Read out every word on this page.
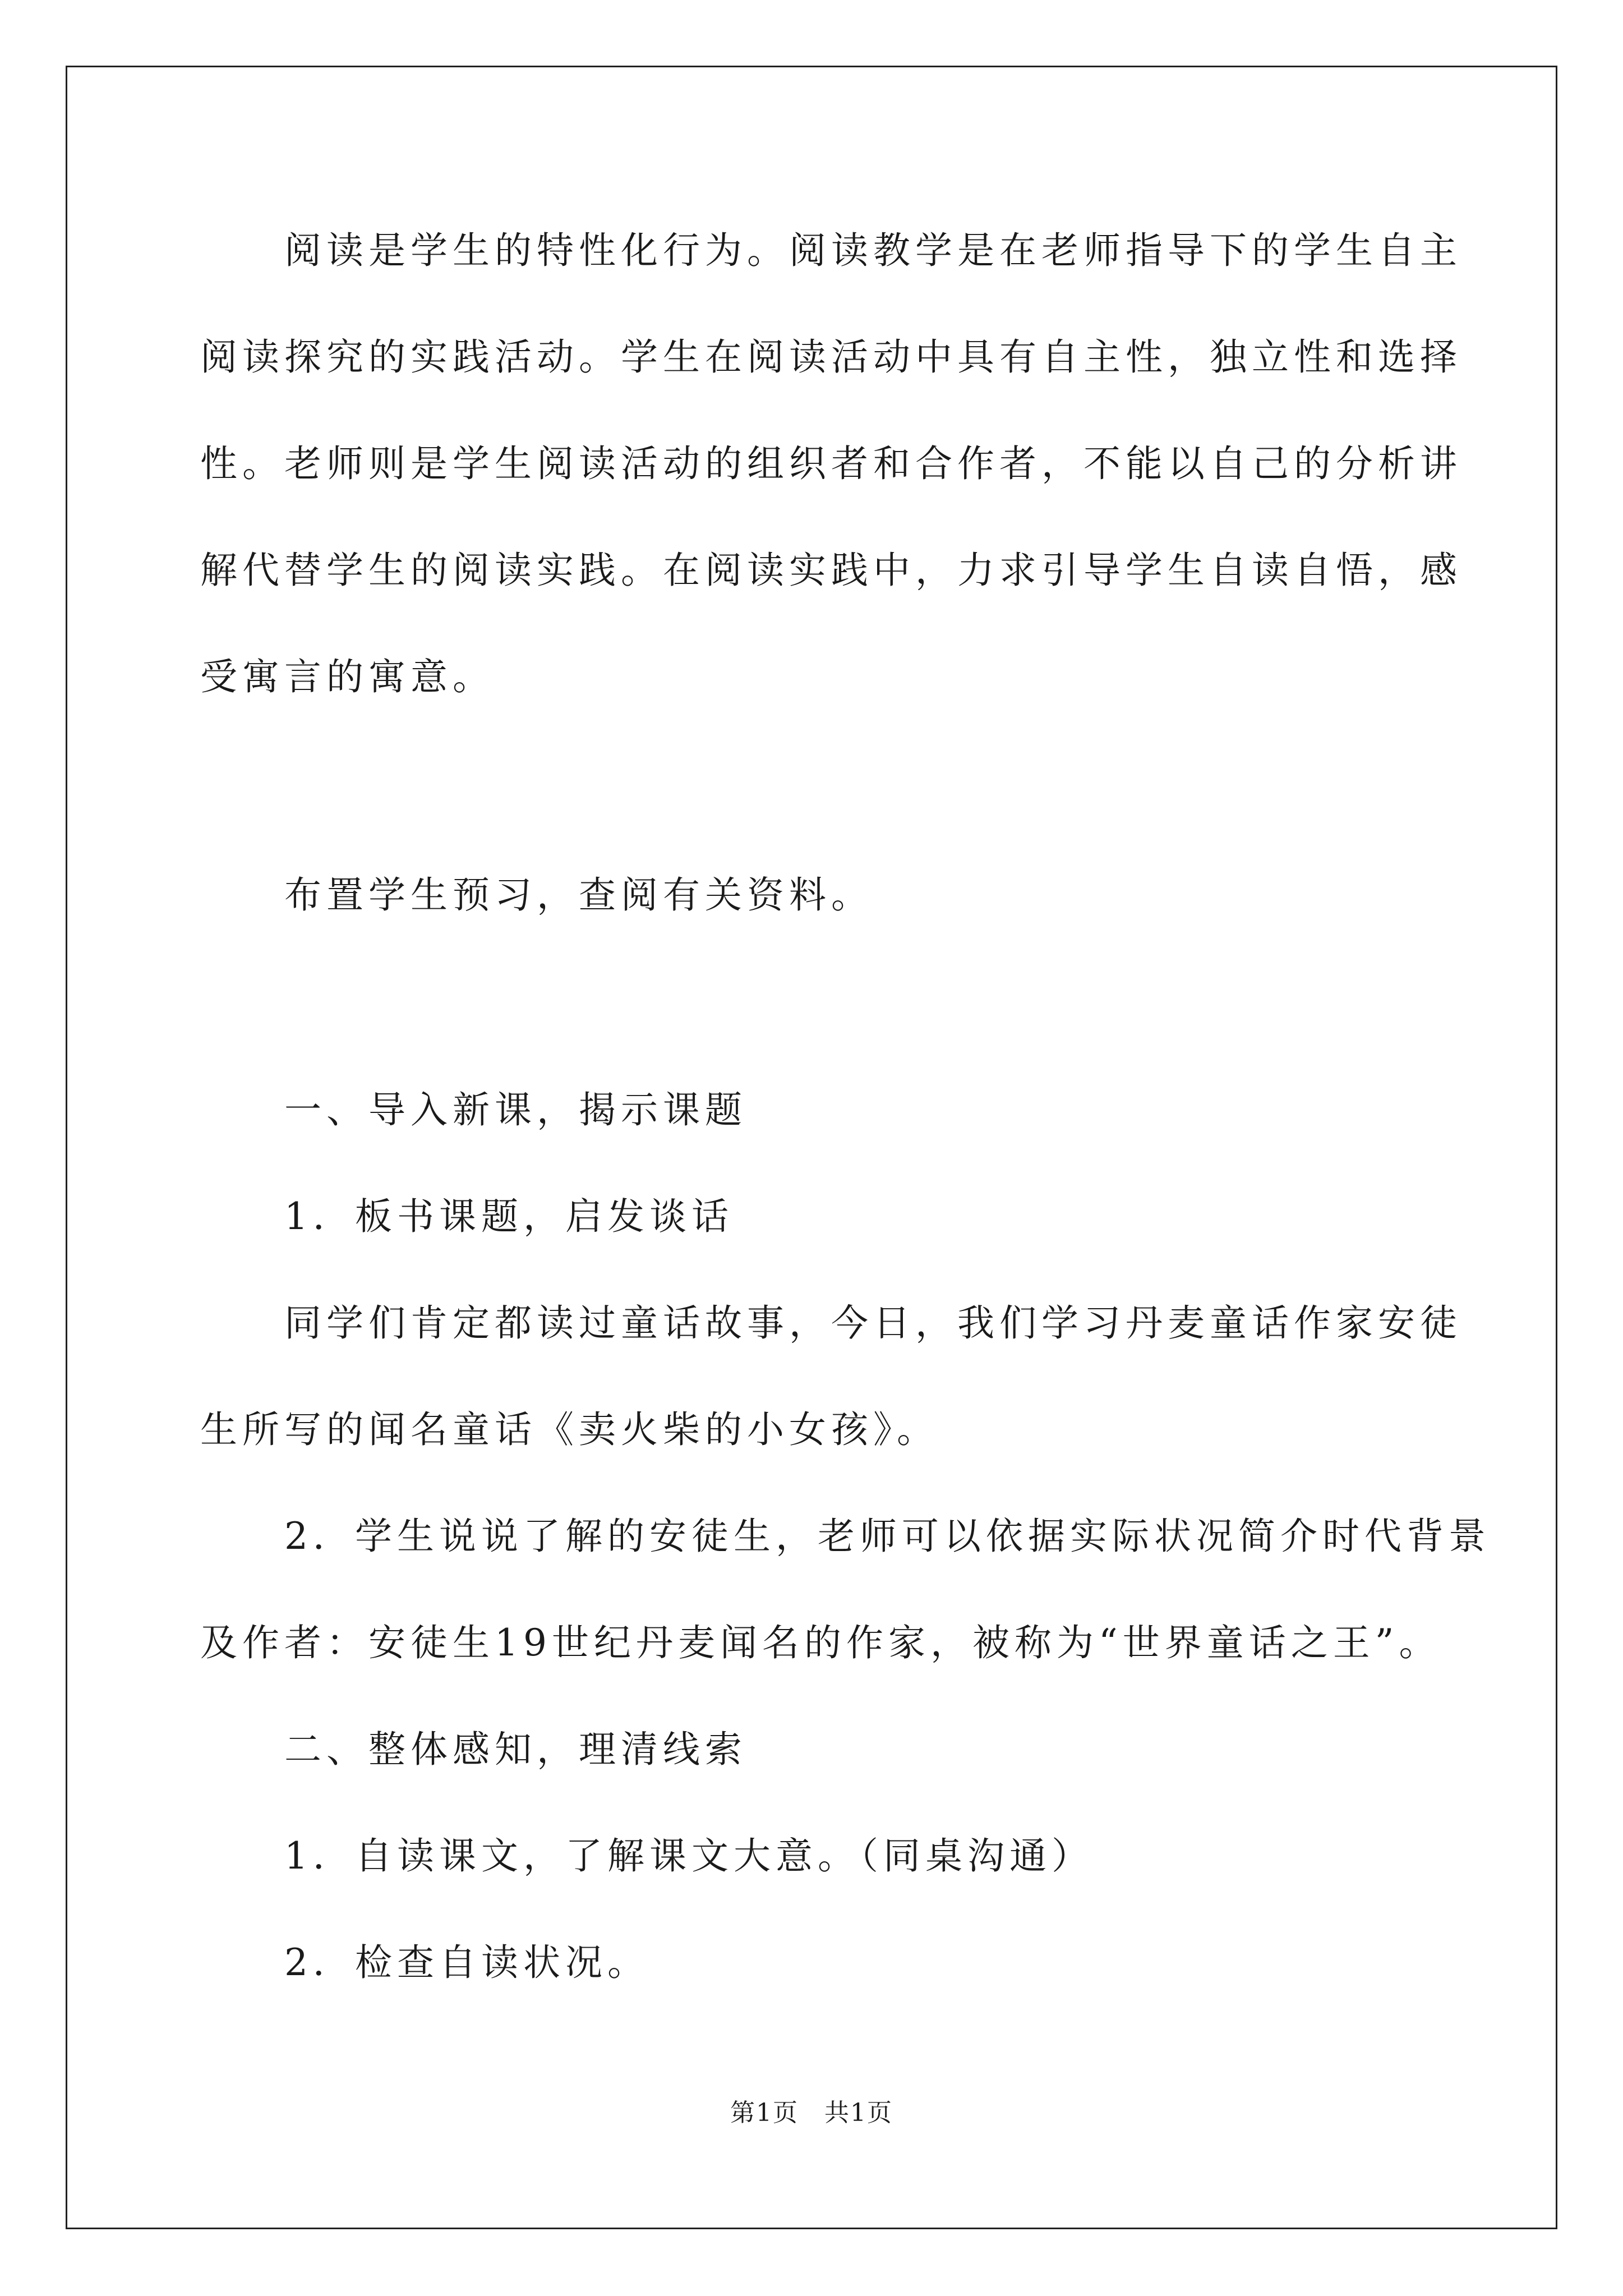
　　阅读是学生的特性化行为。阅读教学是在老师指导下的学生自主
阅读探究的实践活动。学生在阅读活动中具有自主性，独立性和选择
性。老师则是学生阅读活动的组织者和合作者，不能以自己的分析讲
解代替学生的阅读实践。在阅读实践中，力求引导学生自读自悟，感
受寓言的寓意。
　　布置学生预习，查阅有关资料。
　　一、导入新课，揭示课题
　　1．板书课题，启发谈话
　　同学们肯定都读过童话故事，今日，我们学习丹麦童话作家安徒
生所写的闻名童话《卖火柴的小女孩》。
　　2．学生说说了解的安徒生，老师可以依据实际状况简介时代背景
及作者：安徒生19世纪丹麦闻名的作家，被称为“世界童话之王”。
　　二、整体感知，理清线索
　　1．自读课文，了解课文大意。（同桌沟通）
　　2．检查自读状况。
第1页　共1页
